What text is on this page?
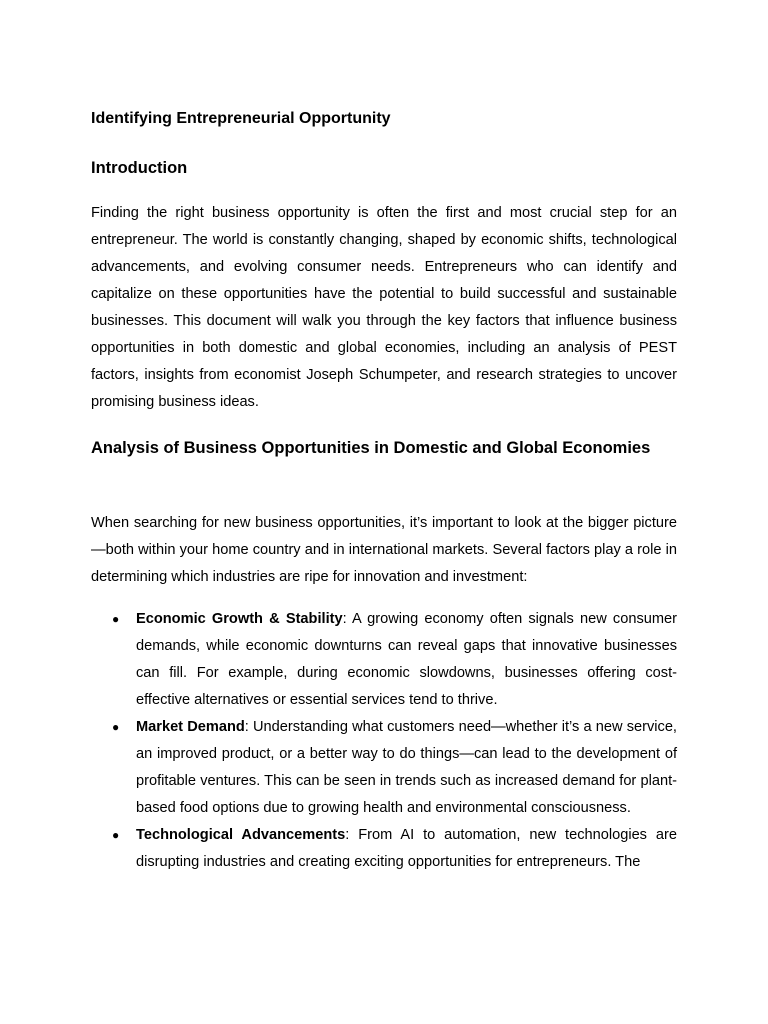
Identifying Entrepreneurial Opportunity
Introduction

Finding the right business opportunity is often the first and most crucial step for an entrepreneur. The world is constantly changing, shaped by economic shifts, technological advancements, and evolving consumer needs. Entrepreneurs who can identify and capitalize on these opportunities have the potential to build successful and sustainable businesses. This document will walk you through the key factors that influence business opportunities in both domestic and global economies, including an analysis of PEST factors, insights from economist Joseph Schumpeter, and research strategies to uncover promising business ideas.

Analysis of Business Opportunities in Domestic and Global Economies

When searching for new business opportunities, it’s important to look at the bigger picture—both within your home country and in international markets. Several factors play a role in determining which industries are ripe for innovation and investment:

● Economic Growth & Stability: A growing economy often signals new consumer demands, while economic downturns can reveal gaps that innovative businesses can fill. For example, during economic slowdowns, businesses offering cost-effective alternatives or essential services tend to thrive.
● Market Demand: Understanding what customers need—whether it’s a new service, an improved product, or a better way to do things—can lead to the development of profitable ventures. This can be seen in trends such as increased demand for plant-based food options due to growing health and environmental consciousness.
● Technological Advancements: From AI to automation, new technologies are disrupting industries and creating exciting opportunities for entrepreneurs. The
